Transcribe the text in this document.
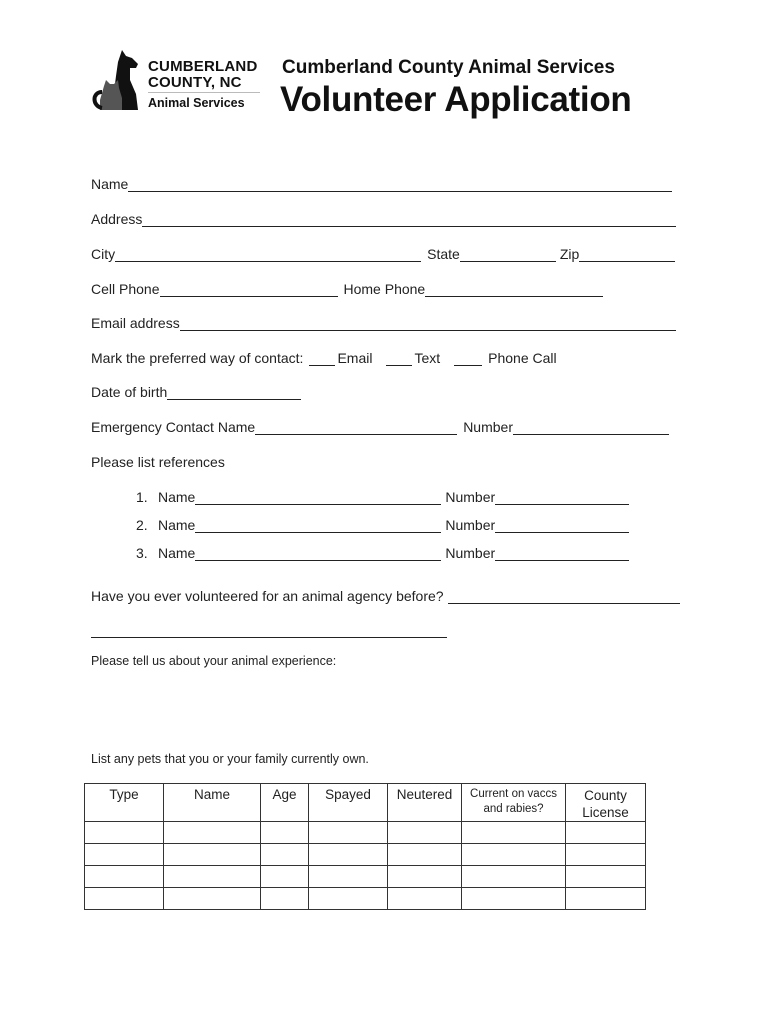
CUMBERLAND
COUNTY, NC
Animal Services
Cumberland County Animal Services
Volunteer Application
Name
Address
City	State	Zip
Cell Phone	Home Phone
Email address
Mark the preferred way of contact: Email	Text	Phone Call
Date of birth
Emergency Contact Name	Number
Please list references
1. Name	Number
2. Name	Number
3. Name	Number
Have you ever volunteered for an animal agency before?
Please tell us about your animal experience:
List any pets that you or your family currently own.
Type	Name	Age	Spayed	Neutered	Current on vaccs and rabies?	County License
